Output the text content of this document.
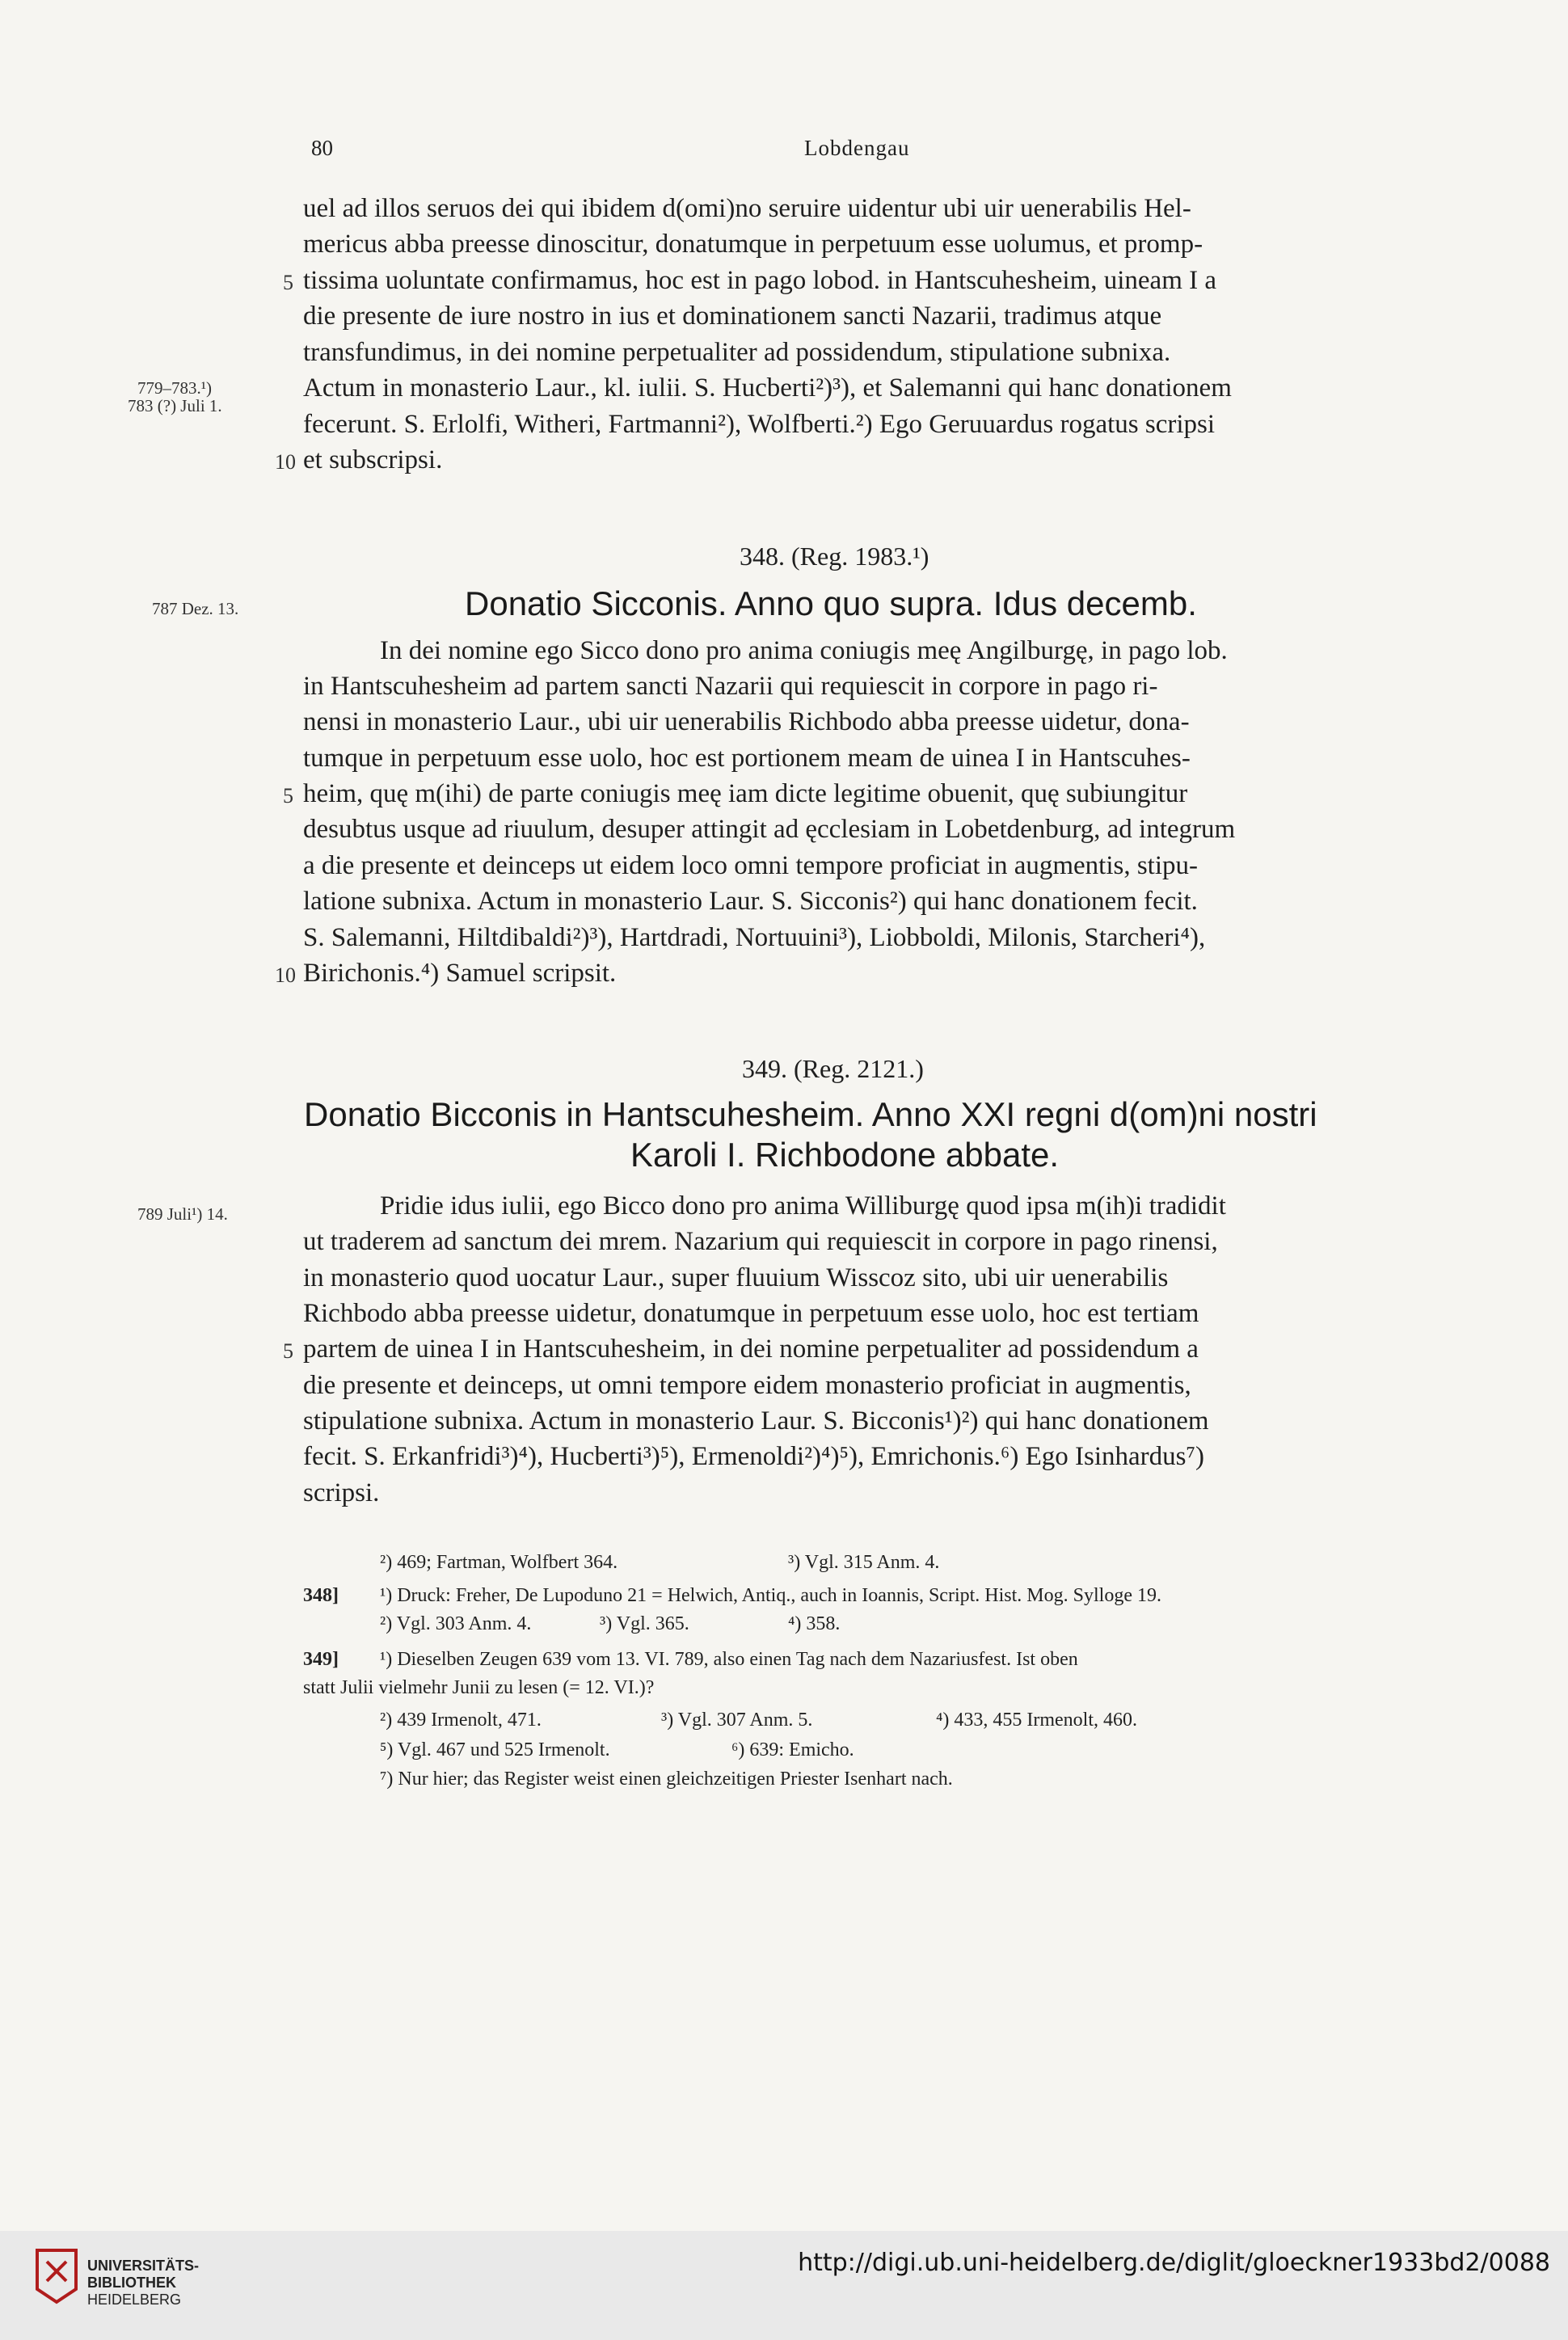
80	Lobdengau
779–783.¹)
783 (?) Juli 1.
uel ad illos seruos dei qui ibidem d(omi)no seruire uidentur ubi uir uenerabilis Hel-
mericus abba preesse dinoscitur, donatumque in perpetuum esse uolumus, et promp-
5 tissima uoluntate confirmamus, hoc est in pago lobod. in Hantscuhesheim, uineam I a
die presente de iure nostro in ius et dominationem sancti Nazarii, tradimus atque
transfundimus, in dei nomine perpetualiter ad possidendum, stipulatione subnixa.
Actum in monasterio Laur., kl. iulii. S. Hucberti²)³), et Salemanni qui hanc donationem
fecerunt. S. Erlolfi, Witheri, Fartmanni²), Wolfberti.²) Ego Geruuardus rogatus scripsi
10 et subscripsi.
348. (Reg. 1983.¹)
787 Dez. 13.	Donatio Sicconis. Anno quo supra. Idus decemb.
In dei nomine ego Sicco dono pro anima coniugis meę Angilburgę, in pago lob.
in Hantscuhesheim ad partem sancti Nazarii qui requiescit in corpore in pago ri-
nensi in monasterio Laur., ubi uir uenerabilis Richbodo abba preesse uidetur, dona-
tumque in perpetuum esse uolo, hoc est portionem meam de uinea I in Hantscuhes-
5 heim, quę m(ihi) de parte coniugis meę iam dicte legitime obuenit, quę subiungitur
desubtus usque ad riuulum, desuper attingit ad ęcclesiam in Lobetdenburg, ad integrum
a die presente et deinceps ut eidem loco omni tempore proficiat in augmentis, stipu-
latione subnixa. Actum in monasterio Laur. S. Sicconis²) qui hanc donationem fecit.
S. Salemanni, Hiltdibaldi²)³), Hartdradi, Nortuuini³), Liobboldi, Milonis, Starcheri⁴),
10 Birichonis.⁴) Samuel scripsit.
349. (Reg. 2121.)
Donatio Bicconis in Hantscuhesheim. Anno XXI regni d(om)ni nostri
Karoli I. Richbodone abbate.
789 Juli¹) 14.	Pridie idus iulii, ego Bicco dono pro anima Williburgę quod ipsa m(ih)i tradidit
ut traderem ad sanctum dei mrem. Nazarium qui requiescit in corpore in pago rinensi,
in monasterio quod uocatur Laur., super fluuium Wisscoz sito, ubi uir uenerabilis
Richbodo abba preesse uidetur, donatumque in perpetuum esse uolo, hoc est tertiam
5 partem de uinea I in Hantscuhesheim, in dei nomine perpetualiter ad possidendum a
die presente et deinceps, ut omni tempore eidem monasterio proficiat in augmentis,
stipulatione subnixa. Actum in monasterio Laur. S. Bicconis¹)²) qui hanc donationem
fecit. S. Erkanfridi³)⁴), Hucberti³)⁵), Ermenoldi²)⁴)⁵), Emrichonis.⁶) Ego Isinhardus⁷)
scripsi.
²) 469; Fartman, Wolfbert 364.	³) Vgl. 315 Anm. 4.
348] ¹) Druck: Freher, De Lupoduno 21 = Helwich, Antiq., auch in Ioannis, Script. Hist. Mog. Sylloge 19.
²) Vgl. 303 Anm. 4.	³) Vgl. 365.	⁴) 358.
349] ¹) Dieselben Zeugen 639 vom 13. VI. 789, also einen Tag nach dem Nazariusfest. Ist oben
statt Julii vielmehr Junii zu lesen (= 12. VI.)?
²) 439 Irmenolt, 471.	³) Vgl. 307 Anm. 5.	⁴) 433, 455 Irmenolt, 460.
⁵) Vgl. 467 und 525 Irmenolt.	⁶) 639: Emicho.
⁷) Nur hier; das Register weist einen gleichzeitigen Priester Isenhart nach.
UNIVERSITÄTS-
BIBLIOTHEK
HEIDELBERG
http://digi.ub.uni-heidelberg.de/diglit/gloeckner1933bd2/0088
